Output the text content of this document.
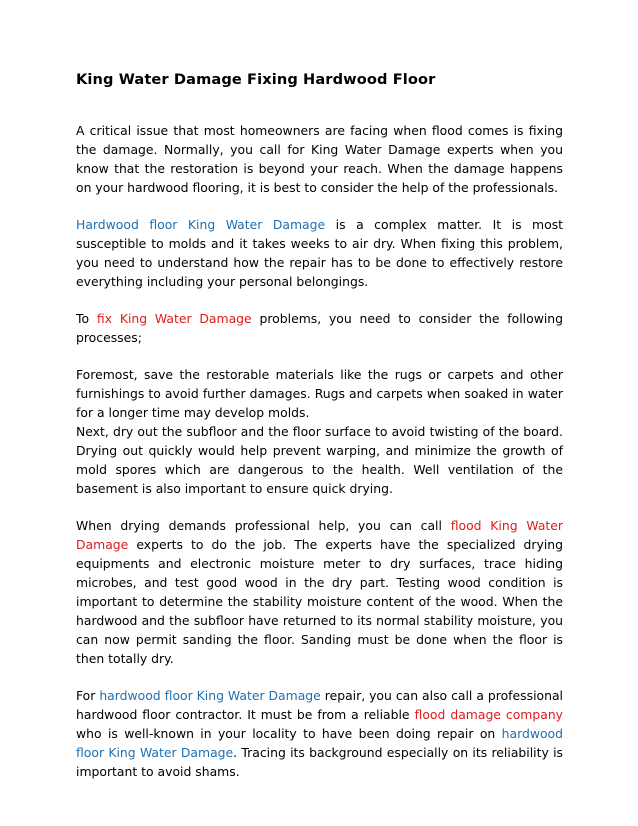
King Water Damage Fixing Hardwood Floor

A critical issue that most homeowners are facing when flood comes is fixing the damage. Normally, you call for King Water Damage experts when you know that the restoration is beyond your reach. When the damage happens on your hardwood flooring, it is best to consider the help of the professionals.

Hardwood floor King Water Damage is a complex matter. It is most susceptible to molds and it takes weeks to air dry. When fixing this problem, you need to understand how the repair has to be done to effectively restore everything including your personal belongings.

To fix King Water Damage problems, you need to consider the following processes;

Foremost, save the restorable materials like the rugs or carpets and other furnishings to avoid further damages. Rugs and carpets when soaked in water for a longer time may develop molds.

Next, dry out the subfloor and the floor surface to avoid twisting of the board. Drying out quickly would help prevent warping, and minimize the growth of mold spores which are dangerous to the health. Well ventilation of the basement is also important to ensure quick drying.

When drying demands professional help, you can call flood King Water Damage experts to do the job. The experts have the specialized drying equipments and electronic moisture meter to dry surfaces, trace hiding microbes, and test good wood in the dry part. Testing wood condition is important to determine the stability moisture content of the wood. When the hardwood and the subfloor have returned to its normal stability moisture, you can now permit sanding the floor. Sanding must be done when the floor is then totally dry.

For hardwood floor King Water Damage repair, you can also call a professional hardwood floor contractor. It must be from a reliable flood damage company who is well-known in your locality to have been doing repair on hardwood floor King Water Damage. Tracing its background especially on its reliability is important to avoid shams.
